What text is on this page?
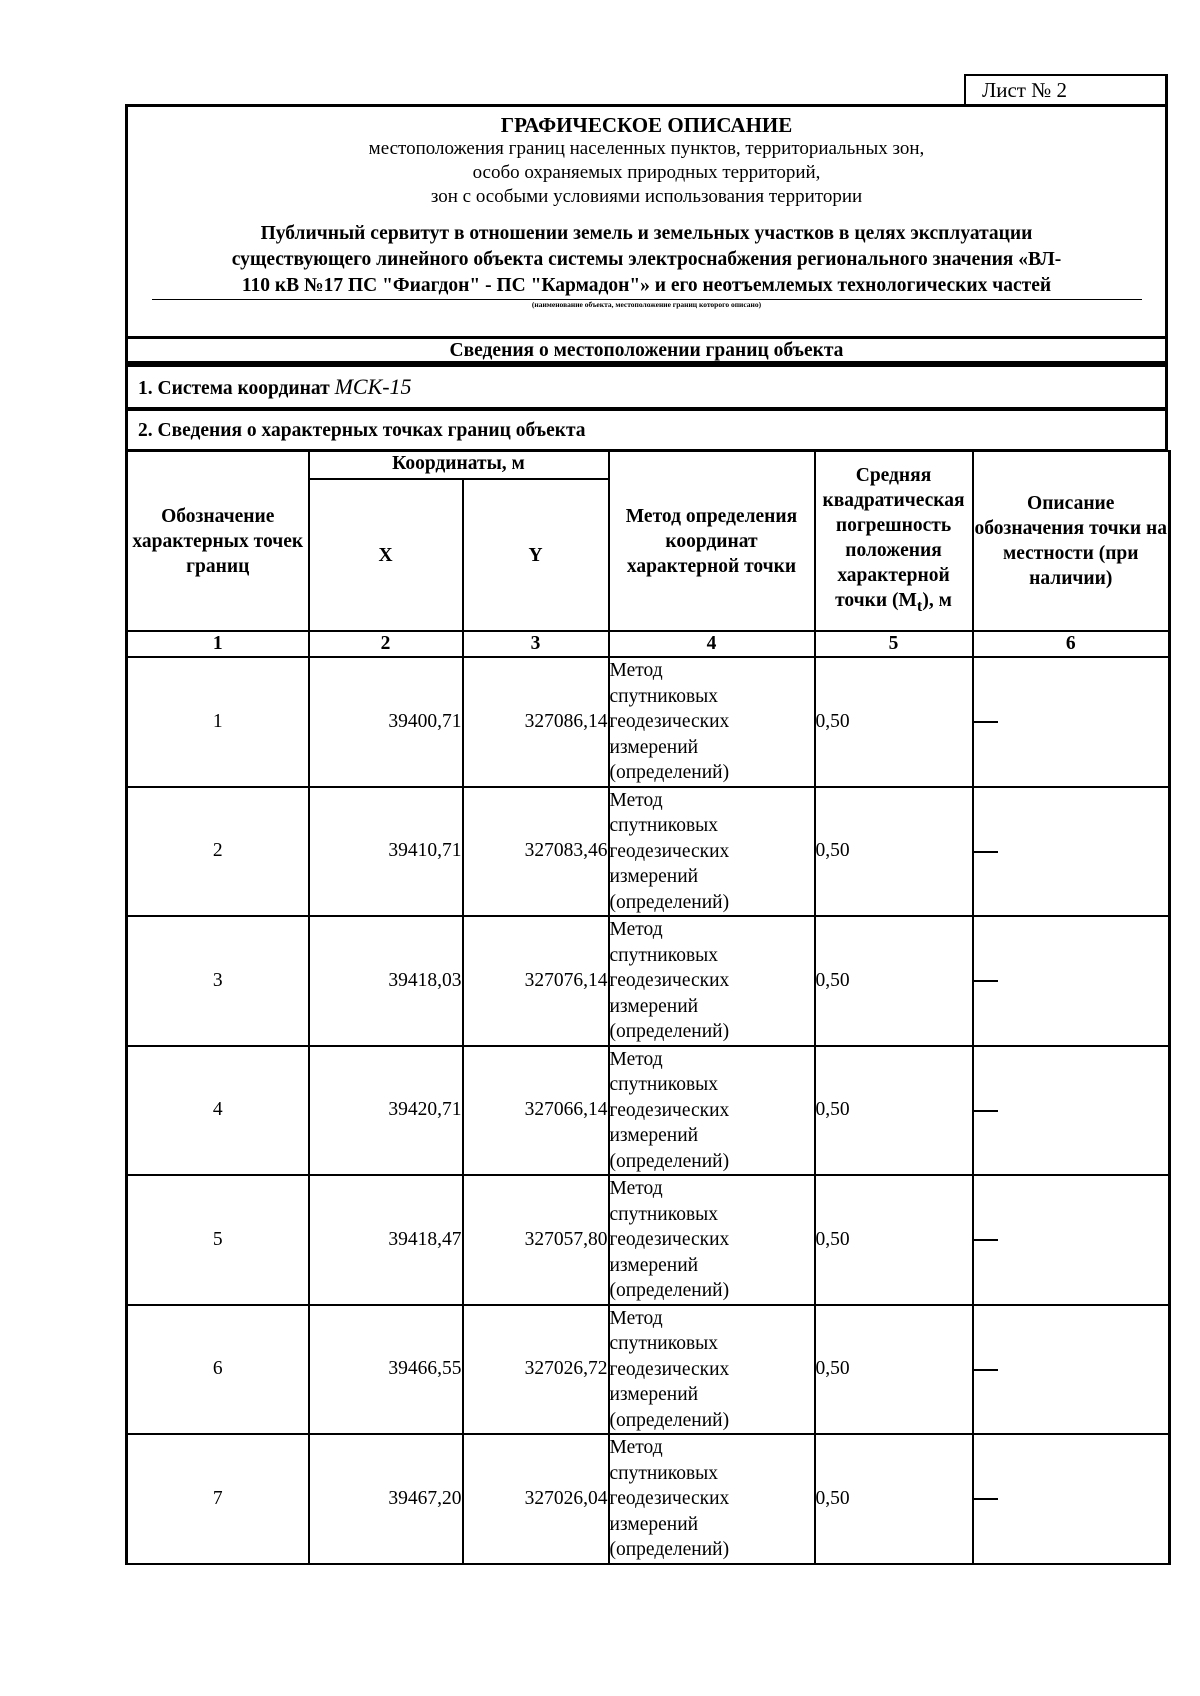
Лист № 2
ГРАФИЧЕСКОЕ ОПИСАНИЕ
местоположения границ населенных пунктов, территориальных зон,
особо охраняемых природных территорий,
зон с особыми условиями использования территории
Публичный сервитут в отношении земель и земельных участков в целях эксплуатации
существующего линейного объекта системы электроснабжения регионального значения «ВЛ-
110 кВ №17 ПС "Фиагдон" - ПС "Кармадон"» и его неотъемлемых технологических частей
(наименование объекта, местоположение границ которого описано)
Сведения о местоположении границ объекта
1. Система координат МСК-15
2. Сведения о характерных точках границ объекта
Обозначение характерных точек границ	Координаты, м		Метод определения координат характерной точки	Средняя квадратическая погрешность положения характерной точки $(M_t)$, м	Описание обозначения точки на местности (при наличии)
	X	Y			
1	2	3	4	5	6
1	39400,71	327086,14	Метод
спутниковых
геодезических
измерений
(определений)	0,50	
2	39410,71	327083,46	Метод
спутниковых
геодезических
измерений
(определений)	0,50	
3	39418,03	327076,14	Метод
спутниковых
геодезических
измерений
(определений)	0,50	
4	39420,71	327066,14	Метод
спутниковых
геодезических
измерений
(определений)	0,50	
5	39418,47	327057,80	Метод
спутниковых
геодезических
измерений
(определений)	0,50	
6	39466,55	327026,72	Метод
спутниковых
геодезических
измерений
(определений)	0,50	
7	39467,20	327026,04	Метод
спутниковых
геодезических
измерений
(определений)	0,50	
